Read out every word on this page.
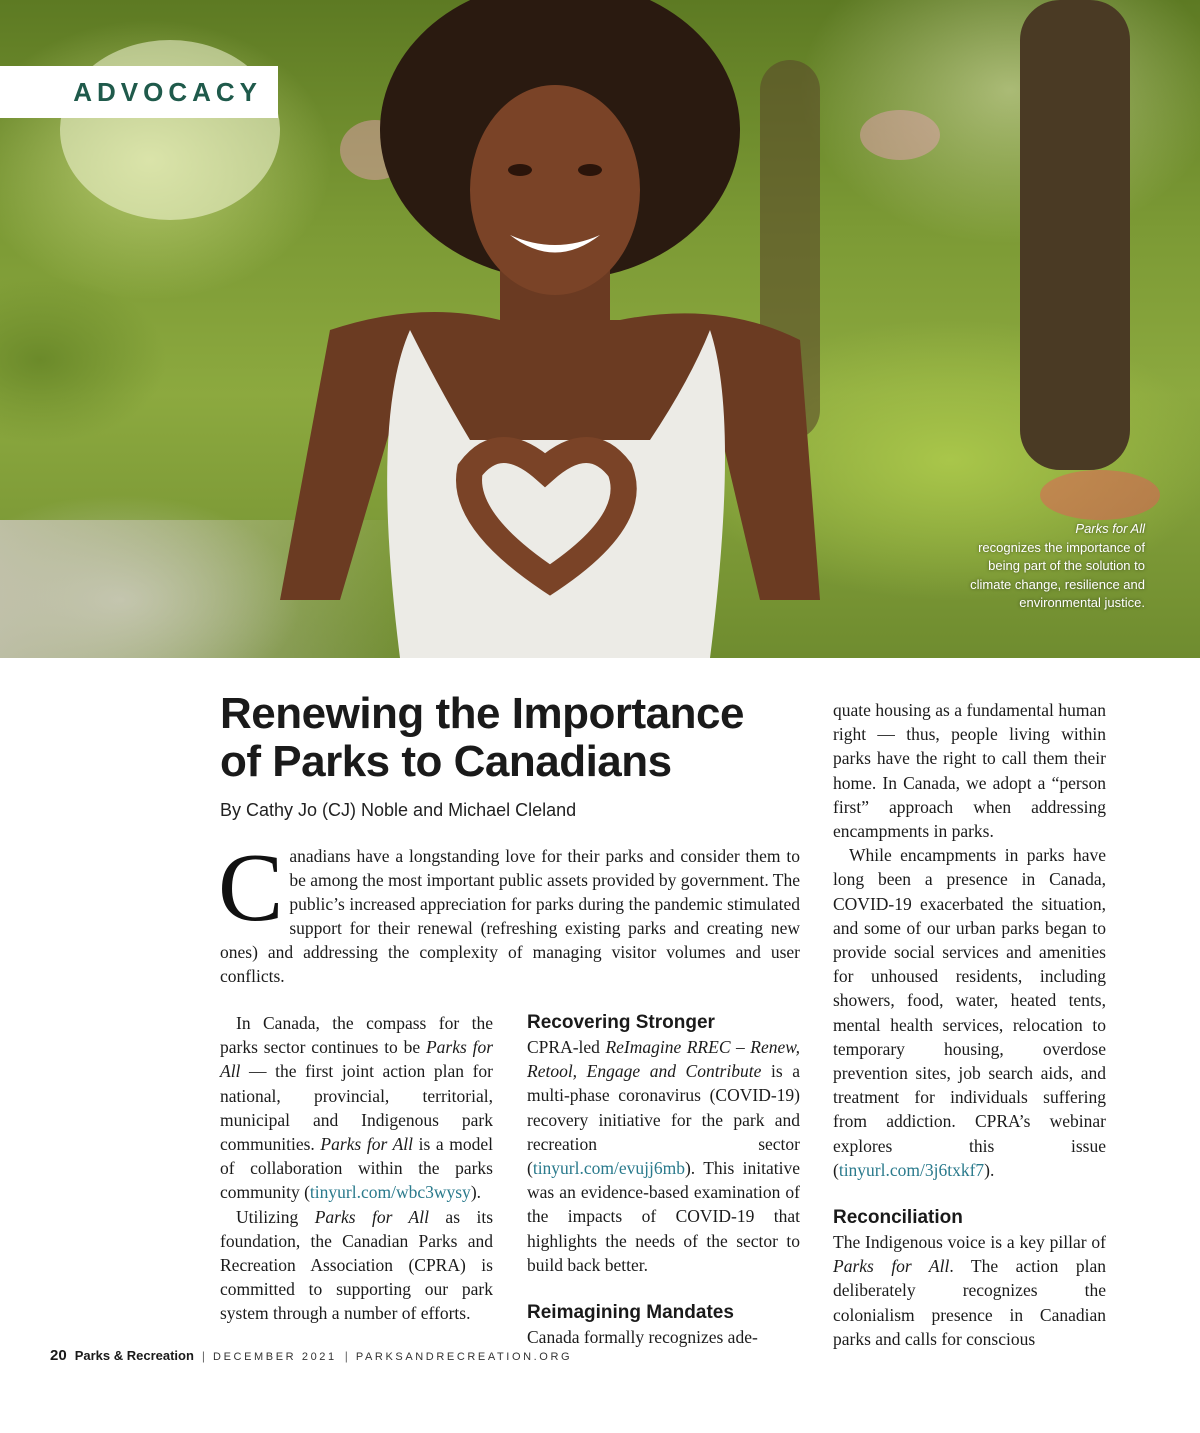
ADVOCACY
Parks for All
recognizes the importance of being part of the solution to climate change, resilience and environmental justice.
Renewing the Importance
of Parks to Canadians
By Cathy Jo (CJ) Noble and Michael Cleland

Canadians have a longstanding love for their parks and consider them to be among the most important public assets provided by government. The public’s increased appreciation for parks during the pandemic stimulated support for their renewal (refreshing existing parks and creating new ones) and addressing the complexity of managing visitor volumes and user conflicts.

In Canada, the compass for the parks sector continues to be Parks for All — the first joint action plan for national, provincial, territorial, municipal and Indigenous park communities. Parks for All is a model of collaboration within the parks community (tinyurl.com/wbc3wysy).

Utilizing Parks for All as its foundation, the Canadian Parks and Recreation Association (CPRA) is committed to supporting our park system through a number of efforts.

Recovering Stronger

CPRA-led ReImagine RREC – Renew, Retool, Engage and Contribute is a multi-phase coronavirus (COVID-19) recovery initiative for the park and recreation sector (tinyurl.com/evujj6mb). This initative was an evidence-based examination of the impacts of COVID-19 that highlights the needs of the sector to build back better.

Reimagining Mandates

Canada formally recognizes ade-

quate housing as a fundamental human right — thus, people living within parks have the right to call them their home. In Canada, we adopt a “person first” approach when addressing encampments in parks.

While encampments in parks have long been a presence in Canada, COVID-19 exacerbated the situation, and some of our urban parks began to provide social services and amenities for unhoused residents, including showers, food, water, heated tents, mental health services, relocation to temporary housing, overdose prevention sites, job search aids, and treatment for individuals suffering from addiction. CPRA’s webinar explores this issue (tinyurl.com/3j6txkf7).

Reconciliation

The Indigenous voice is a key pillar of Parks for All. The action plan deliberately recognizes the colonialism presence in Canadian parks and calls for conscious

20 Parks & Recreation | DECEMBER 2021 | PARKSANDRECREATION.ORG
